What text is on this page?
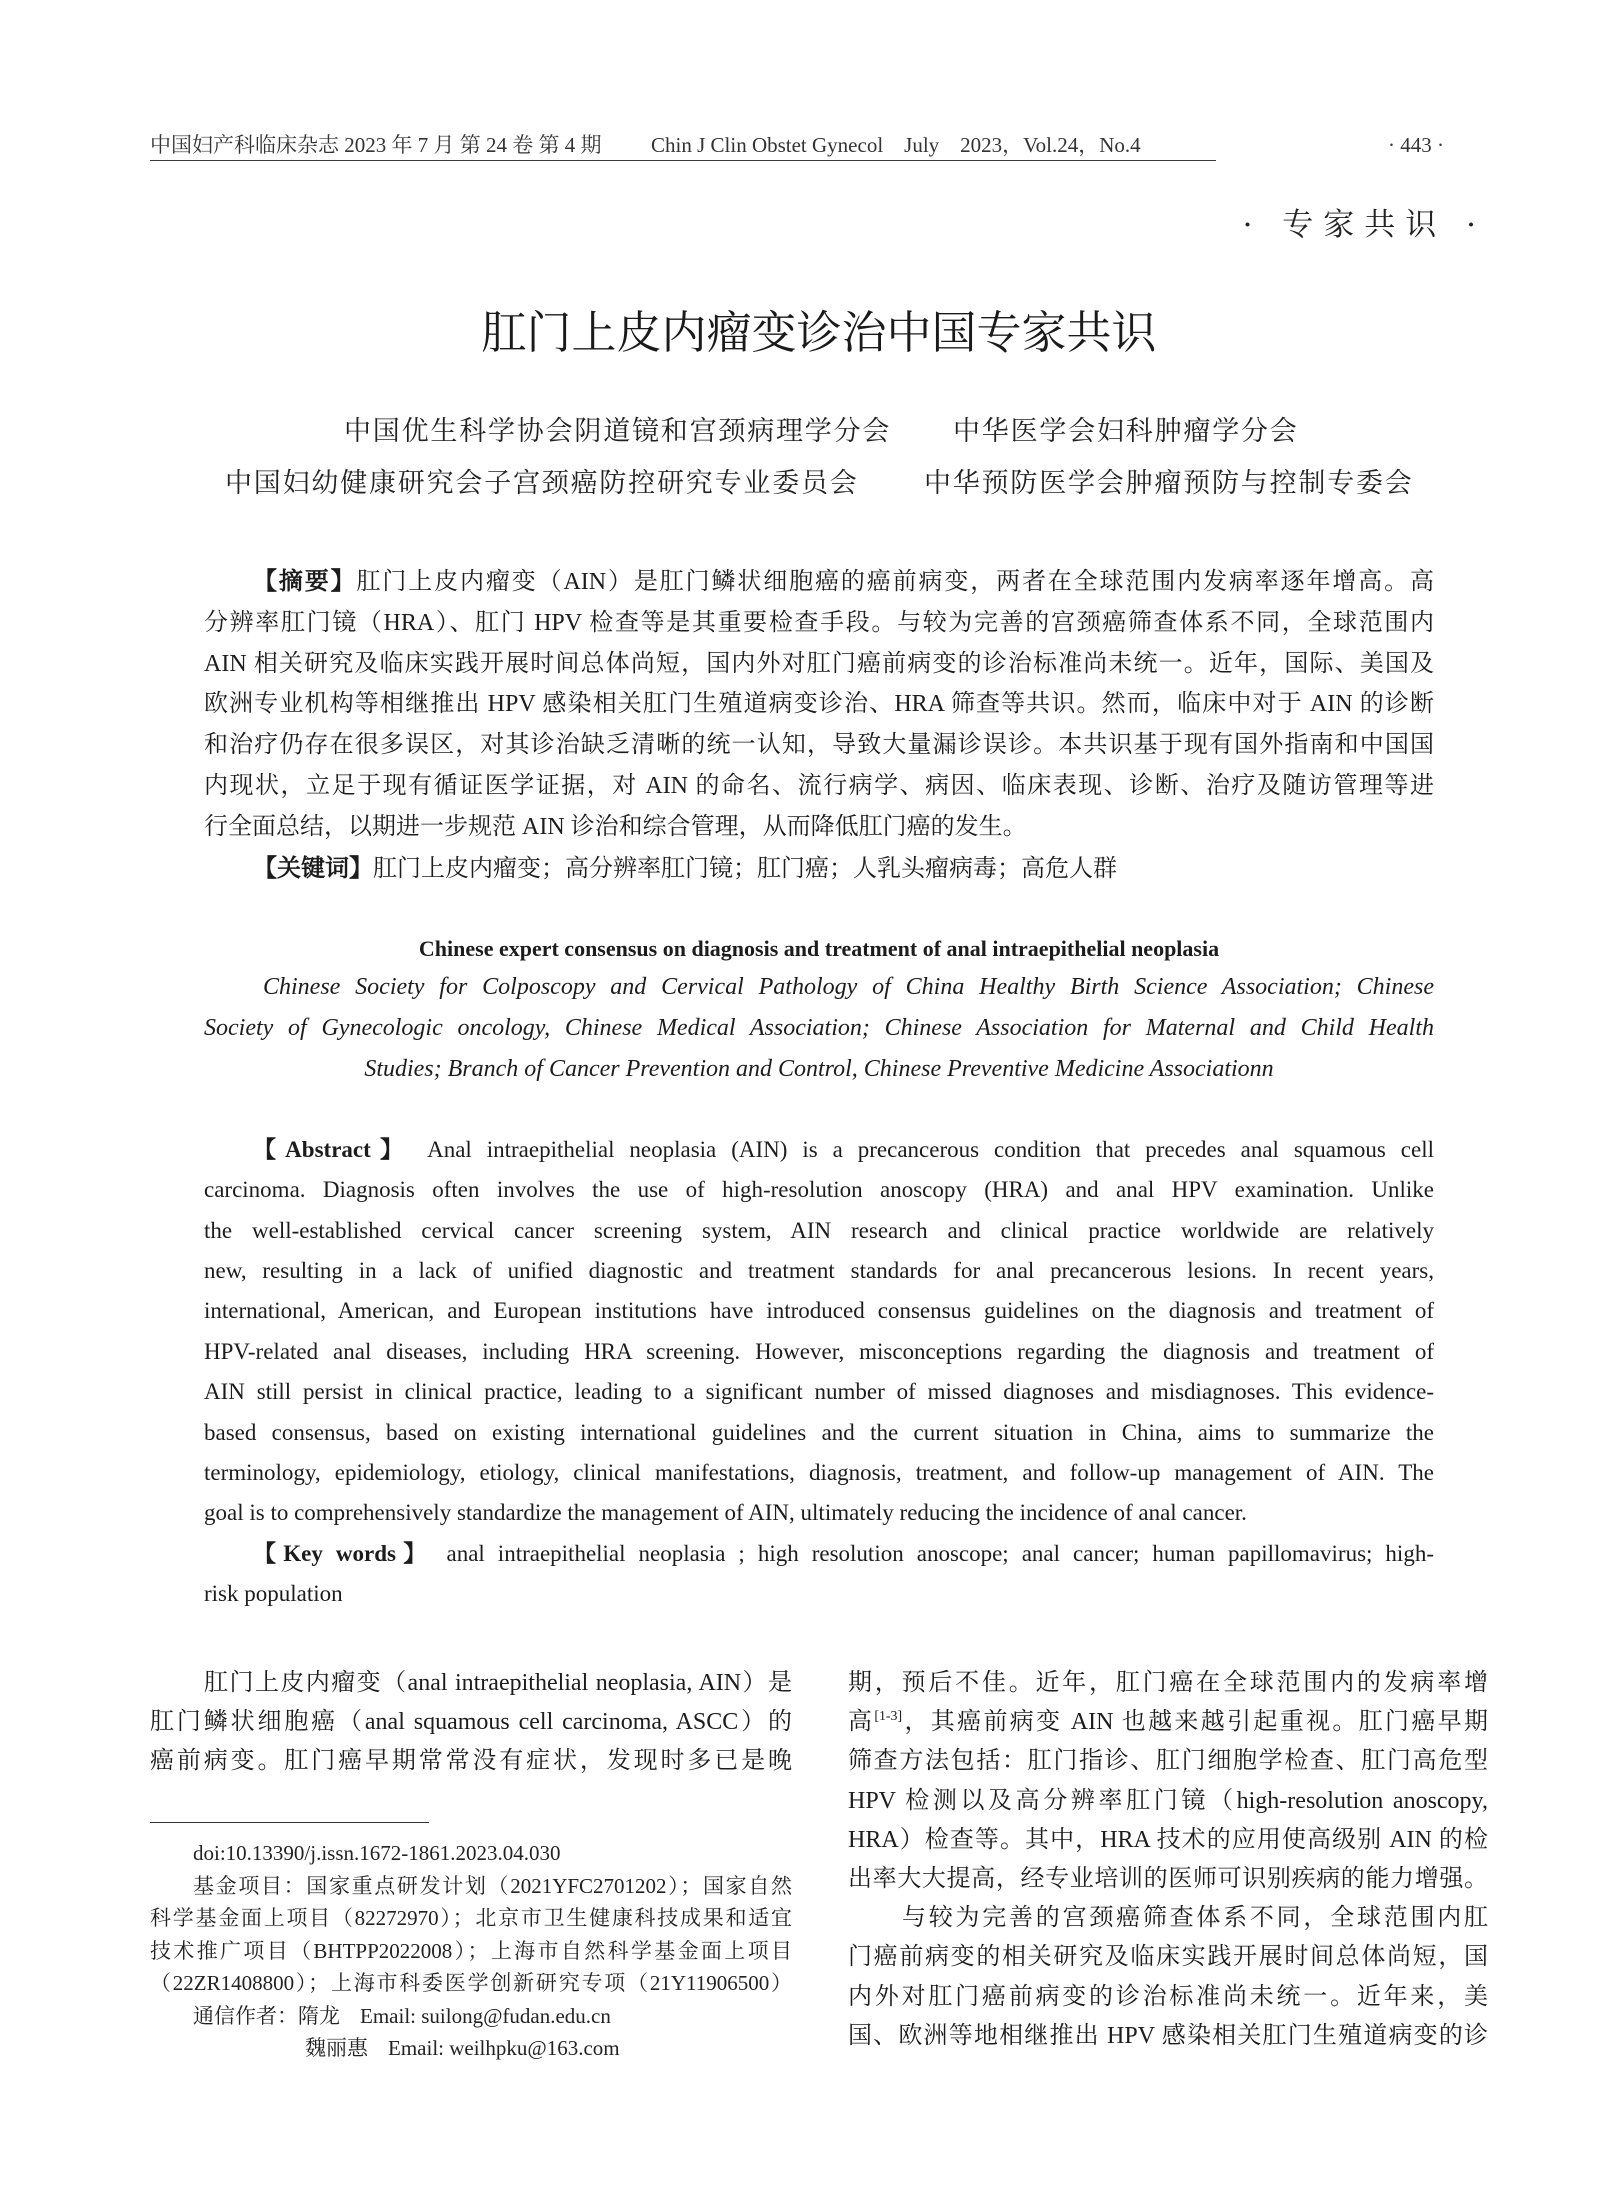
中国妇产科临床杂志 2023 年 7 月 第 24 卷 第 4 期 Chin J Clin Obstet Gynecol　July　2023，Vol.24，No.4	· 443 ·
· 专家共识 ·
肛门上皮内瘤变诊治中国专家共识
中国优生科学协会阴道镜和宫颈病理学分会 中华医学会妇科肿瘤学分会
中国妇幼健康研究会子宫颈癌防控研究专业委员会 中华预防医学会肿瘤预防与控制专委会
【摘要】肛门上皮内瘤变（AIN）是肛门鳞状细胞癌的癌前病变，两者在全球范围内发病率逐年增高。高
分辨率肛门镜（HRA）、肛门 HPV 检查等是其重要检查手段。与较为完善的宫颈癌筛查体系不同，全球范围内
AIN 相关研究及临床实践开展时间总体尚短，国内外对肛门癌前病变的诊治标准尚未统一。近年，国际、美国及
欧洲专业机构等相继推出 HPV 感染相关肛门生殖道病变诊治、HRA 筛查等共识。然而，临床中对于 AIN 的诊断
和治疗仍存在很多误区，对其诊治缺乏清晰的统一认知，导致大量漏诊误诊。本共识基于现有国外指南和中国国
内现状，立足于现有循证医学证据，对 AIN 的命名、流行病学、病因、临床表现、诊断、治疗及随访管理等进
行全面总结，以期进一步规范 AIN 诊治和综合管理，从而降低肛门癌的发生。
【关键词】肛门上皮内瘤变；高分辨率肛门镜；肛门癌；人乳头瘤病毒；高危人群
Chinese expert consensus on diagnosis and treatment of anal intraepithelial neoplasia
Chinese Society for Colposcopy and Cervical Pathology of China Healthy Birth Science Association; Chinese
Society of Gynecologic oncology, Chinese Medical Association; Chinese Association for Maternal and Child Health
Studies; Branch of Cancer Prevention and Control, Chinese Preventive Medicine Associationn
【Abstract】 Anal intraepithelial neoplasia (AIN) is a precancerous condition that precedes anal squamous cell
carcinoma. Diagnosis often involves the use of high-resolution anoscopy (HRA) and anal HPV examination. Unlike
the well-established cervical cancer screening system, AIN research and clinical practice worldwide are relatively
new, resulting in a lack of unified diagnostic and treatment standards for anal precancerous lesions. In recent years,
international, American, and European institutions have introduced consensus guidelines on the diagnosis and treatment of
HPV-related anal diseases, including HRA screening. However, misconceptions regarding the diagnosis and treatment of
AIN still persist in clinical practice, leading to a significant number of missed diagnoses and misdiagnoses. This evidence-
based consensus, based on existing international guidelines and the current situation in China, aims to summarize the
terminology, epidemiology, etiology, clinical manifestations, diagnosis, treatment, and follow-up management of AIN. The
goal is to comprehensively standardize the management of AIN, ultimately reducing the incidence of anal cancer.
【Key words】 anal intraepithelial neoplasia ; high resolution anoscope; anal cancer; human papillomavirus; high-
risk population
肛门上皮内瘤变（anal intraepithelial neoplasia, AIN）是
肛门鳞状细胞癌（anal squamous cell carcinoma, ASCC）的
癌前病变。肛门癌早期常常没有症状，发现时多已是晚
期，预后不佳。近年，肛门癌在全球范围内的发病率增
高[1-3]，其癌前病变 AIN 也越来越引起重视。肛门癌早期
筛查方法包括：肛门指诊、肛门细胞学检查、肛门高危型
HPV 检测以及高分辨率肛门镜（high-resolution anoscopy,
HRA）检查等。其中，HRA 技术的应用使高级别 AIN 的检
出率大大提高，经专业培训的医师可识别疾病的能力增强。
与较为完善的宫颈癌筛查体系不同，全球范围内肛
门癌前病变的相关研究及临床实践开展时间总体尚短，国
内外对肛门癌前病变的诊治标准尚未统一。近年来，美
国、欧洲等地相继推出 HPV 感染相关肛门生殖道病变的诊
doi:10.13390/j.issn.1672-1861.2023.04.030
基金项目：国家重点研发计划（2021YFC2701202）；国家自然
科学基金面上项目（82272970）；北京市卫生健康科技成果和适宜
技术推广项目（BHTPP2022008）；上海市自然科学基金面上项目
（22ZR1408800）；上海市科委医学创新研究专项（21Y11906500）
通信作者：隋龙 Email: suilong@fudan.edu.cn
魏丽惠 Email: weilhpku@163.com
